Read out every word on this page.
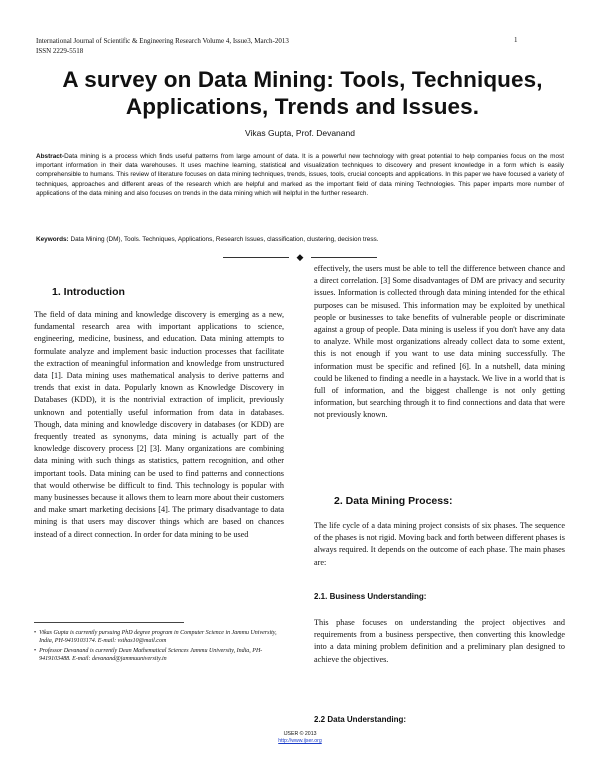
International Journal of Scientific & Engineering Research Volume 4, Issue3, March-2013
ISSN 2229-5518
1
A survey on Data Mining: Tools, Techniques, Applications, Trends and Issues.
Vikas Gupta, Prof. Devanand
Abstract-Data mining is a process which finds useful patterns from large amount of data. It is a powerful new technology with great potential to help companies focus on the most important information in their data warehouses. It uses machine learning, statistical and visualization techniques to discovery and present knowledge in a form which is easily comprehensible to humans. This review of literature focuses on data mining techniques, trends, issues, tools, crucial concepts and applications. In this paper we have focused a variety of techniques, approaches and different areas of the research which are helpful and marked as the important field of data mining Technologies. This paper imparts more number of applications of the data mining and also focuses on trends in the data mining which will helpful in the further research.
Keywords: Data Mining (DM), Tools. Techniques, Applications, Research Issues, classification, clustering, decision tress.
◆
1. Introduction

The field of data mining and knowledge discovery is emerging as a new, fundamental research area with important applications to science, engineering, medicine, business, and education. Data mining attempts to formulate analyze and implement basic induction processes that facilitate the extraction of meaningful information and knowledge from unstructured data [1]. Data mining uses mathematical analysis to derive patterns and trends that exist in data. Popularly known as Knowledge Discovery in Databases (KDD), it is the nontrivial extraction of implicit, previously unknown and potentially useful information from data in databases. Though, data mining and knowledge discovery in databases (or KDD) are frequently treated as synonyms, data mining is actually part of the knowledge discovery process [2] [3]. Many organizations are combining data mining with such things as statistics, pattern recognition, and other important tools. Data mining can be used to find patterns and connections that would otherwise be difficult to find. This technology is popular with many businesses because it allows them to learn more about their customers and make smart marketing decisions [4]. The primary disadvantage to data mining is that users may discover things which are based on chances instead of a direct connection. In order for data mining to be used

• Vikas Gupta is currently pursuing PhD degree program in Computer Science in Jammu University, India, PH-9419103174. E-mail: vsihas10@mail.com
• Professor Devanand is currently Dean Mathematical Sciences Jammu University, India, PH-9419103488. E-mail: devanand@jammuuniversity.in

effectively, the users must be able to tell the difference between chance and a direct correlation. [3] Some disadvantages of DM are privacy and security issues. Information is collected through data mining intended for the ethical purposes can be misused. This information may be exploited by unethical people or businesses to take benefits of vulnerable people or discriminate against a group of people. Data mining is useless if you don't have any data to analyze. While most organizations already collect data to some extent, this is not enough if you want to use data mining successfully. The information must be specific and refined [6]. In a nutshell, data mining could be likened to finding a needle in a haystack. We live in a world that is full of information, and the biggest challenge is not only getting information, but searching through it to find connections and data that were not previously known.

2. Data Mining Process:

The life cycle of a data mining project consists of six phases. The sequence of the phases is not rigid. Moving back and forth between different phases is always required. It depends on the outcome of each phase. The main phases are:

2.1. Business Understanding:

This phase focuses on understanding the project objectives and requirements from a business perspective, then converting this knowledge into a data mining problem definition and a preliminary plan designed to achieve the objectives.

2.2 Data Understanding:
IJSER © 2013
http://www.ijser.org
